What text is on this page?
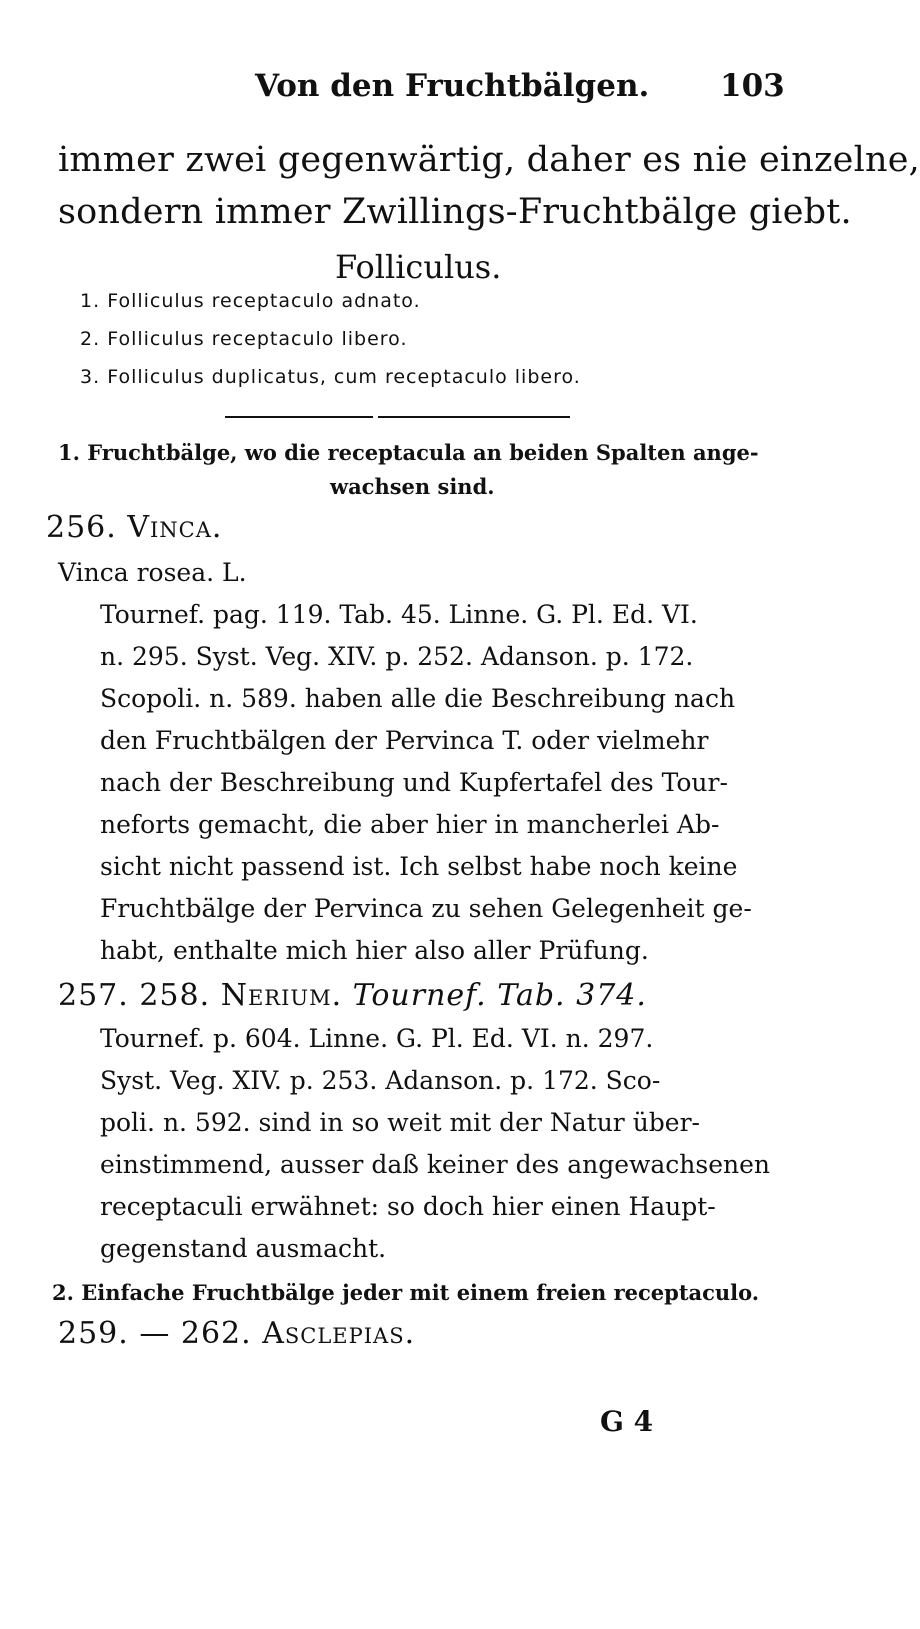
Von den Fruchtbälgen. 103
immer zwei gegenwärtig, daher es nie einzelne,
sondern immer Zwillings-Fruchtbälge giebt.
Folliculus.
1. Folliculus receptaculo adnato.
2. Folliculus receptaculo libero.
3. Folliculus duplicatus, cum receptaculo libero.
1. Fruchtbälge, wo die receptacula an beiden Spalten ange-
wachsen sind.
256. Vinca.
Vinca rosea. L.
Tournef. pag. 119. Tab. 45. Linne. G. Pl. Ed. VI.
n. 295. Syst. Veg. XIV. p. 252. Adanson. p. 172.
Scopoli. n. 589. haben alle die Beschreibung nach
den Fruchtbälgen der Pervinca T. oder vielmehr
nach der Beschreibung und Kupfertafel des Tour-
neforts gemacht, die aber hier in mancherlei Ab-
sicht nicht passend ist. Ich selbst habe noch keine
Fruchtbälge der Pervinca zu sehen Gelegenheit ge-
habt, enthalte mich hier also aller Prüfung.
257. 258. Nerium. Tournef. Tab. 374.
Tournef. p. 604. Linne. G. Pl. Ed. VI. n. 297.
Syst. Veg. XIV. p. 253. Adanson. p. 172. Sco-
poli. n. 592. sind in so weit mit der Natur über-
einstimmend, ausser daß keiner des angewachsenen
receptaculi erwähnet: so doch hier einen Haupt-
gegenstand ausmacht.
2. Einfache Fruchtbälge jeder mit einem freien receptaculo.
259. — 262. Asclepias.
G 4
